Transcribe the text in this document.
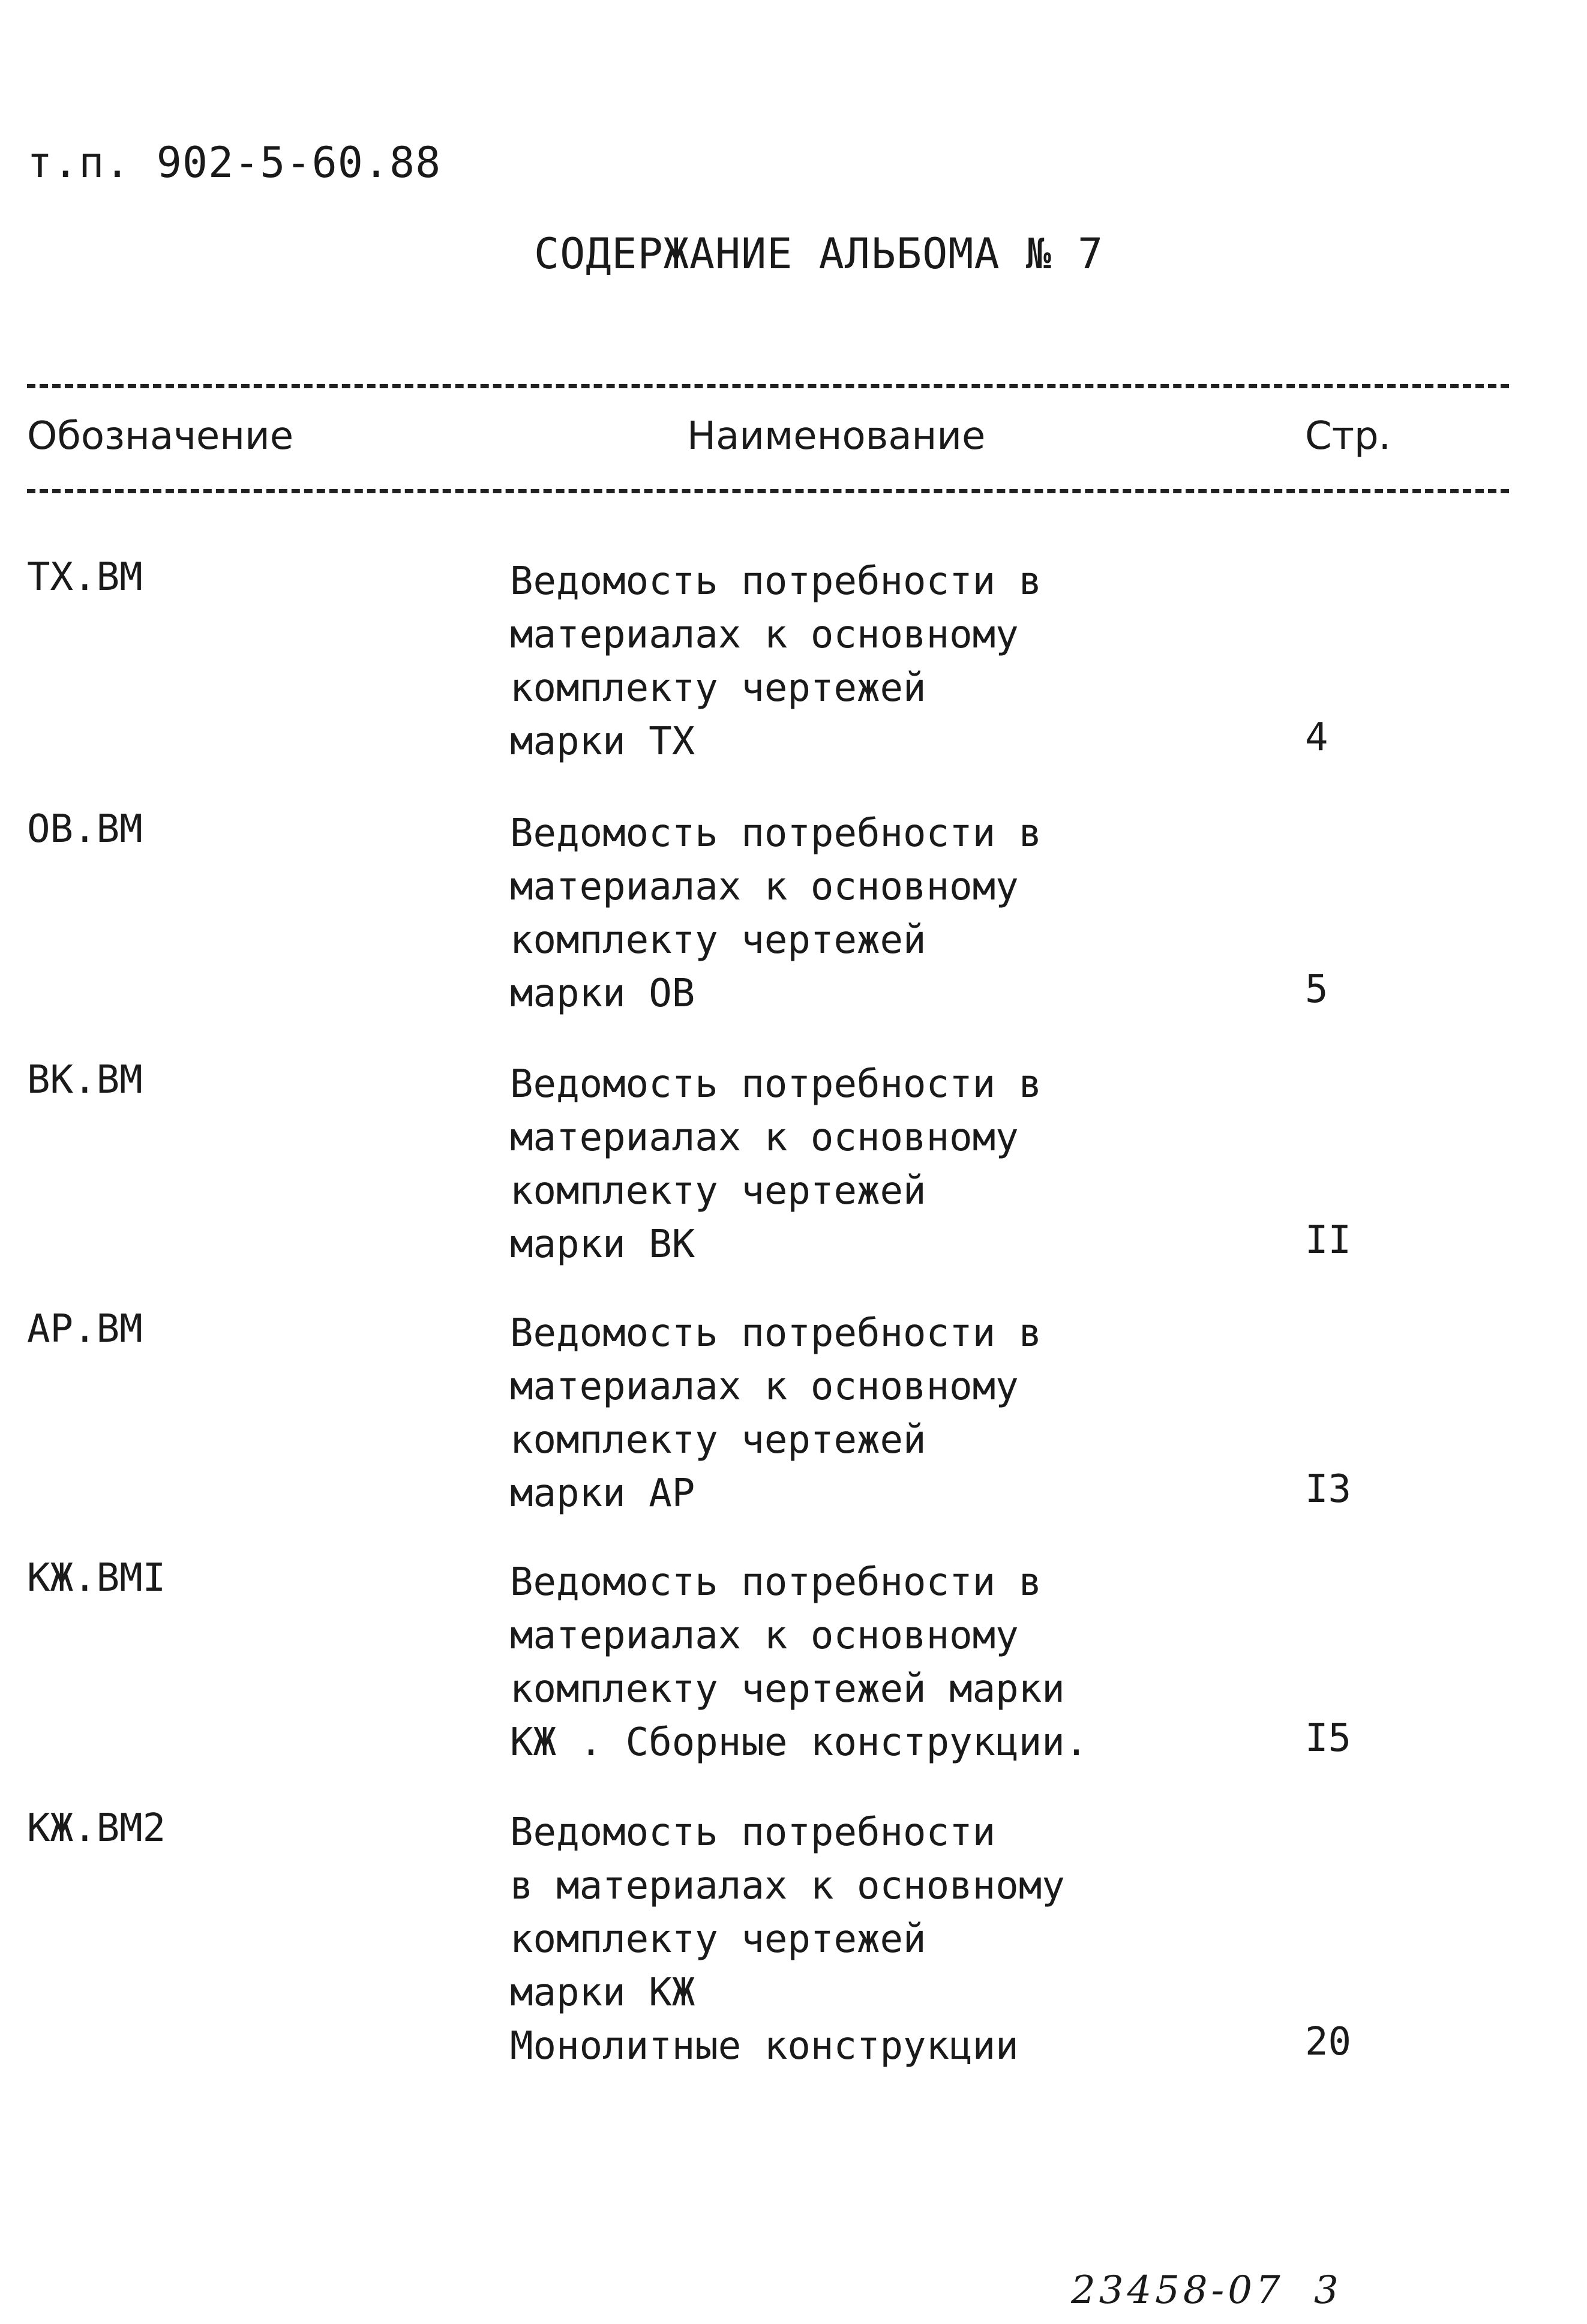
т.п. 902-5-60.88
СОДЕРЖАНИЕ АЛЬБОМА № 7
Обозначение	Наименование	Стр.
ТХ.ВМ	Ведомость потребности в
материалах к основному
комплекту чертежей
марки ТХ	4
ОВ.ВМ	Ведомость потребности в
материалах к основному
комплекту чертежей
марки ОВ	5
ВК.ВМ	Ведомость потребности в
материалах к основному
комплекту чертежей
марки ВК	II
АР.ВМ	Ведомость потребности в
материалах к основному
комплекту чертежей
марки АР	I3
КЖ.ВМI	Ведомость потребности в
материалах к основному
комплекту чертежей марки
КЖ . Сборные конструкции.	I5
КЖ.ВМ2	Ведомость потребности
в материалах к основному
комплекту чертежей
марки КЖ
Монолитные конструкции	20
23458-07 3
